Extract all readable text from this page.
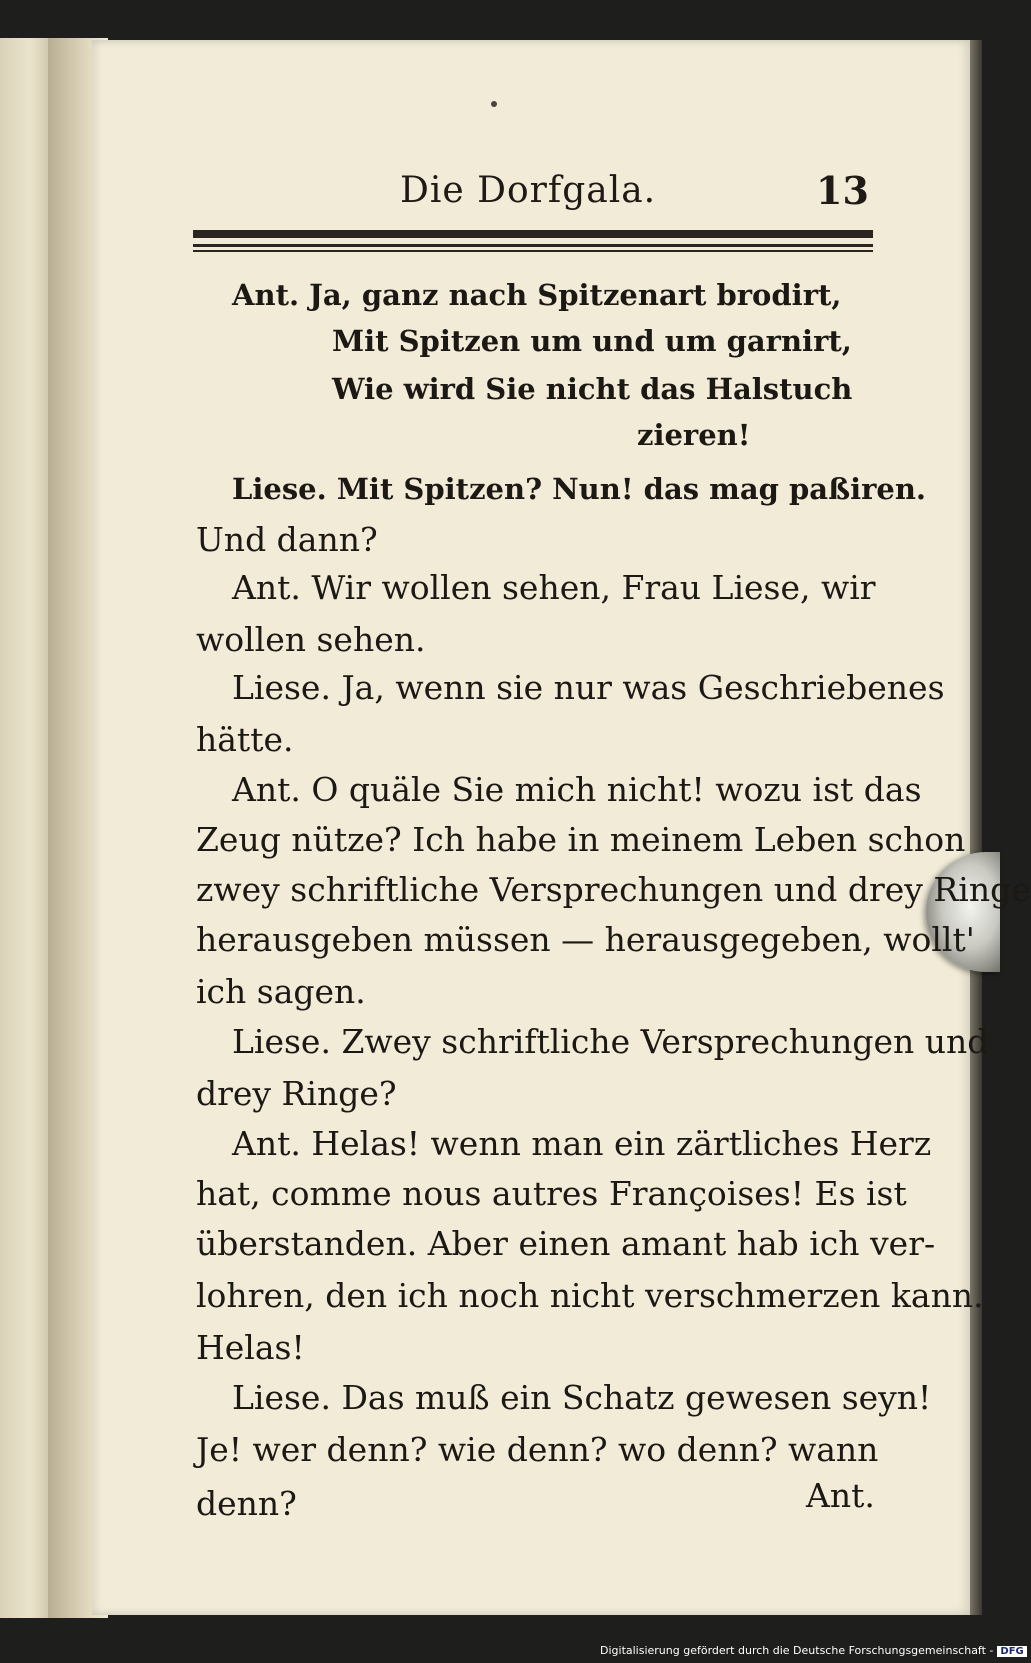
Die Dorfgala.	13
Ant. Ja, ganz nach Spitzenart brodirt,
Mit Spitzen um und um garnirt,
Wie wird Sie nicht das Halstuch
zieren!
Liese. Mit Spitzen? Nun! das mag paßiren.
Und dann?
Ant. Wir wollen sehen, Frau Liese, wir
wollen sehen.
Liese. Ja, wenn sie nur was Geschriebenes
hätte.
Ant. O quäle Sie mich nicht! wozu ist das
Zeug nütze? Ich habe in meinem Leben schon
zwey schriftliche Versprechungen und drey Ringe
herausgeben müssen — herausgegeben, wollt'
ich sagen.
Liese. Zwey schriftliche Versprechungen und
drey Ringe?
Ant. Helas! wenn man ein zärtliches Herz
hat, comme nous autres Françoises! Es ist
überstanden. Aber einen amant hab ich ver-
lohren, den ich noch nicht verschmerzen kann.
Helas!
Liese. Das muß ein Schatz gewesen seyn!
Je! wer denn? wie denn? wo denn? wann
denn?	Ant.
Digitalisierung gefördert durch die Deutsche Forschungsgemeinschaft - DFG
